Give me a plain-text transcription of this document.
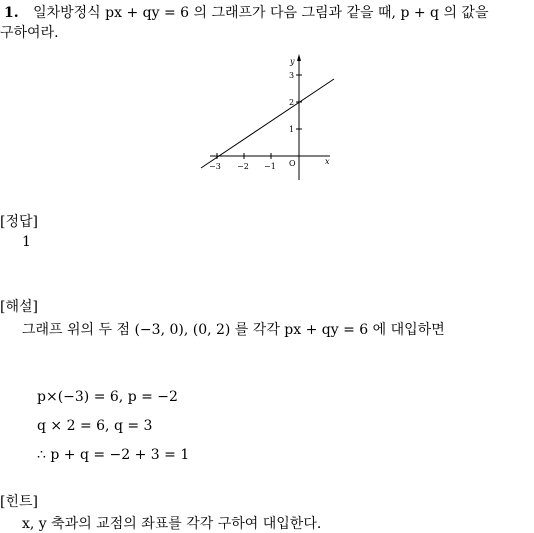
1. 일차방정식 px + qy = 6 의 그래프가 다음 그림과 같을 때, p + q 의 값을
구하여라.
−3 −2 −1 O	x
y
3
2
1
[정답]
1
[해설]
그래프 위의 두 점 (−3, 0), (0, 2) 를 각각 px + qy = 6 에 대입하면
p×(−3) = 6, p = −2
q × 2 = 6, q = 3
∴ p + q = −2 + 3 = 1
[힌트]
x, y 축과의 교점의 좌표를 각각 구하여 대입한다.
